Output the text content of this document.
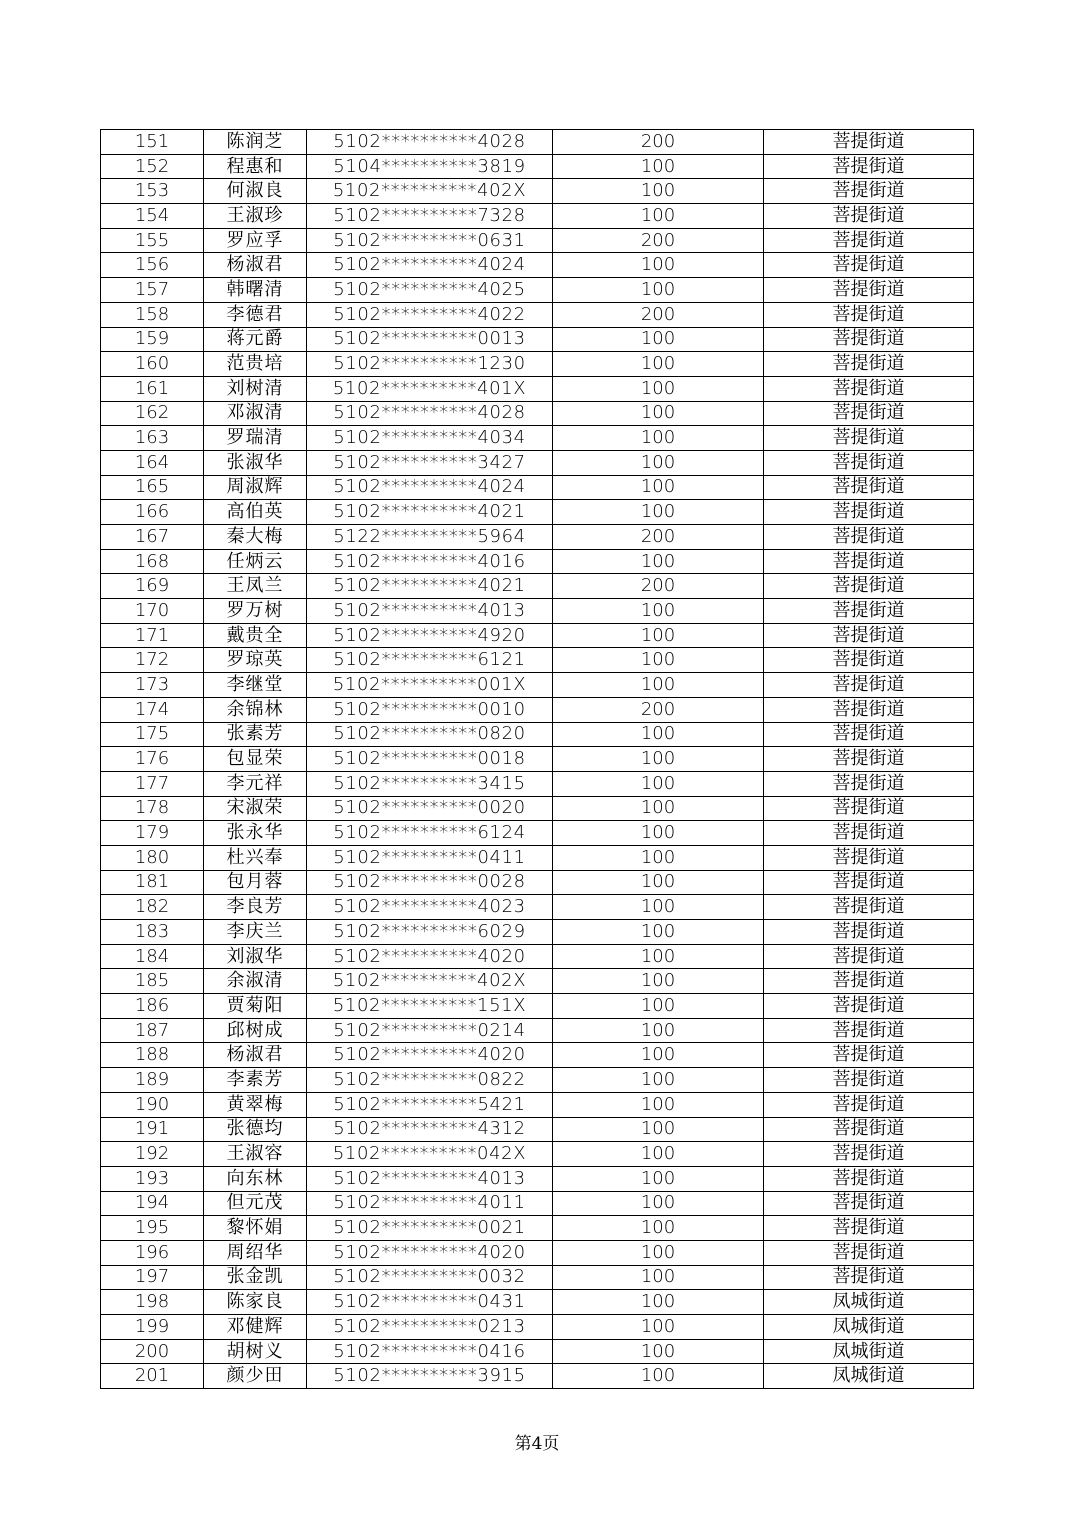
151	陈润芝	5102**********4028	200	菩提街道
152	程惠和	5104**********3819	100	菩提街道
153	何淑良	5102**********402X	100	菩提街道
154	王淑珍	5102**********7328	100	菩提街道
155	罗应孚	5102**********0631	200	菩提街道
156	杨淑君	5102**********4024	100	菩提街道
157	韩曙清	5102**********4025	100	菩提街道
158	李德君	5102**********4022	200	菩提街道
159	蒋元爵	5102**********0013	100	菩提街道
160	范贵培	5102**********1230	100	菩提街道
161	刘树清	5102**********401X	100	菩提街道
162	邓淑清	5102**********4028	100	菩提街道
163	罗瑞清	5102**********4034	100	菩提街道
164	张淑华	5102**********3427	100	菩提街道
165	周淑辉	5102**********4024	100	菩提街道
166	高伯英	5102**********4021	100	菩提街道
167	秦大梅	5122**********5964	200	菩提街道
168	任炳云	5102**********4016	100	菩提街道
169	王凤兰	5102**********4021	200	菩提街道
170	罗万树	5102**********4013	100	菩提街道
171	戴贵全	5102**********4920	100	菩提街道
172	罗琼英	5102**********6121	100	菩提街道
173	李继堂	5102**********001X	100	菩提街道
174	余锦林	5102**********0010	200	菩提街道
175	张素芳	5102**********0820	100	菩提街道
176	包显荣	5102**********0018	100	菩提街道
177	李元祥	5102**********3415	100	菩提街道
178	宋淑荣	5102**********0020	100	菩提街道
179	张永华	5102**********6124	100	菩提街道
180	杜兴奉	5102**********0411	100	菩提街道
181	包月蓉	5102**********0028	100	菩提街道
182	李良芳	5102**********4023	100	菩提街道
183	李庆兰	5102**********6029	100	菩提街道
184	刘淑华	5102**********4020	100	菩提街道
185	余淑清	5102**********402X	100	菩提街道
186	贾菊阳	5102**********151X	100	菩提街道
187	邱树成	5102**********0214	100	菩提街道
188	杨淑君	5102**********4020	100	菩提街道
189	李素芳	5102**********0822	100	菩提街道
190	黄翠梅	5102**********5421	100	菩提街道
191	张德均	5102**********4312	100	菩提街道
192	王淑容	5102**********042X	100	菩提街道
193	向东林	5102**********4013	100	菩提街道
194	但元茂	5102**********4011	100	菩提街道
195	黎怀娟	5102**********0021	100	菩提街道
196	周绍华	5102**********4020	100	菩提街道
197	张金凯	5102**********0032	100	菩提街道
198	陈家良	5102**********0431	100	凤城街道
199	邓健辉	5102**********0213	100	凤城街道
200	胡树义	5102**********0416	100	凤城街道
201	颜少田	5102**********3915	100	凤城街道
第4页
